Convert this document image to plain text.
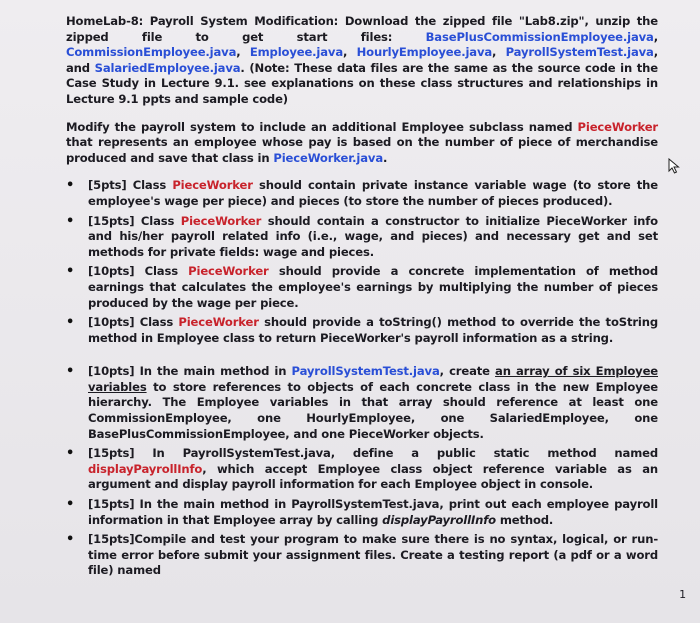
HomeLab-8: Payroll System Modification: Download the zipped file "Lab8.zip", unzip the zipped file to get start files: BasePlusCommissionEmployee.java, CommissionEmployee.java, Employee.java, HourlyEmployee.java, PayrollSystemTest.java, and SalariedEmployee.java. (Note: These data files are the same as the source code in the Case Study in Lecture 9.1. see explanations on these class structures and relationships in Lecture 9.1 ppts and sample code)

Modify the payroll system to include an additional Employee subclass named PieceWorker that represents an employee whose pay is based on the number of piece of merchandise produced and save that class in PieceWorker.java.

• [5pts] Class PieceWorker should contain private instance variable wage (to store the employee's wage per piece) and pieces (to store the number of pieces produced).
• [15pts] Class PieceWorker should contain a constructor to initialize PieceWorker info and his/her payroll related info (i.e., wage, and pieces) and necessary get and set methods for private fields: wage and pieces.
• [10pts] Class PieceWorker should provide a concrete implementation of method earnings that calculates the employee's earnings by multiplying the number of pieces produced by the wage per piece.
• [10pts] Class PieceWorker should provide a toString() method to override the toString method in Employee class to return PieceWorker's payroll information as a string.
• [10pts] In the main method in PayrollSystemTest.java, create an array of six Employee variables to store references to objects of each concrete class in the new Employee hierarchy. The Employee variables in that array should reference at least one CommissionEmployee, one HourlyEmployee, one SalariedEmployee, one BasePlusCommissionEmployee, and one PieceWorker objects.
• [15pts] In PayrollSystemTest.java, define a public static method named displayPayrollInfo, which accept Employee class object reference variable as an argument and display payroll information for each Employee object in console.
• [15pts] In the main method in PayrollSystemTest.java, print out each employee payroll information in that Employee array by calling displayPayrollInfo method.
• [15pts]Compile and test your program to make sure there is no syntax, logical, or run-time error before submit your assignment files. Create a testing report (a pdf or a word file) named
1
